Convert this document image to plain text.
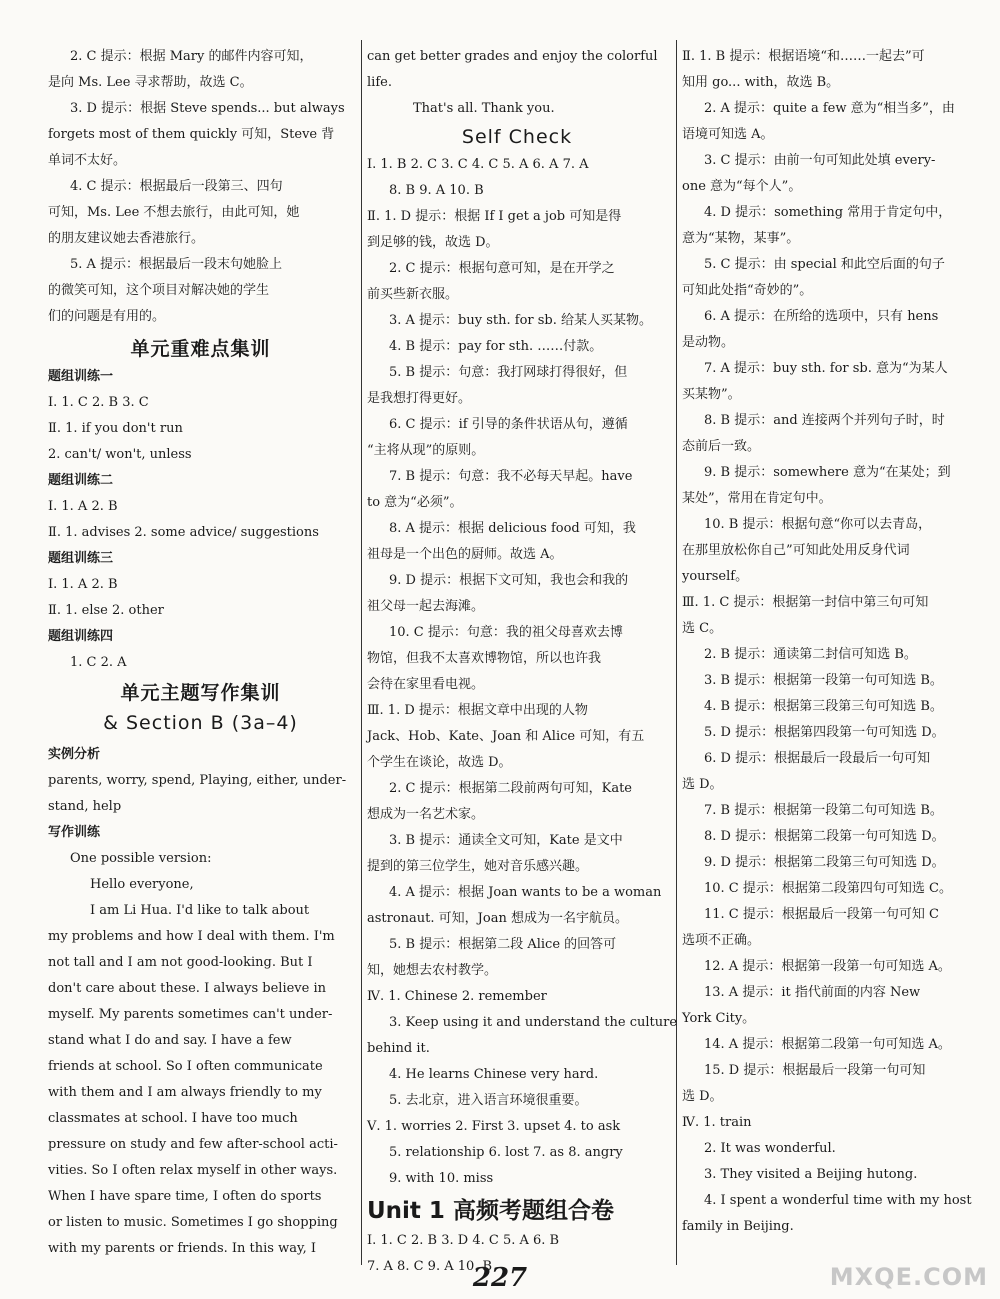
2. C 提示：根据 Mary 的邮件内容可知，
是向 Ms. Lee 寻求帮助，故选 C。
3. D 提示：根据 Steve spends... but always
forgets most of them quickly 可知，Steve 背
单词不太好。
4. C 提示：根据最后一段第三、四句
可知，Ms. Lee 不想去旅行，由此可知，她
的朋友建议她去香港旅行。
5. A 提示：根据最后一段末句她脸上
的微笑可知，这个项目对解决她的学生
们的问题是有用的。
单元重难点集训
题组训练一
Ⅰ. 1. C 2. B 3. C
Ⅱ. 1. if you don't run
2. can't/ won't, unless
题组训练二
Ⅰ. 1. A 2. B
Ⅱ. 1. advises 2. some advice/ suggestions
题组训练三
Ⅰ. 1. A 2. B
Ⅱ. 1. else 2. other
题组训练四
1. C 2. A
单元主题写作集训
& Section B (3a–4)
实例分析
parents, worry, spend, Playing, either, under-
stand, help
写作训练
One possible version:
Hello everyone,
I am Li Hua. I'd like to talk about
my problems and how I deal with them. I'm
not tall and I am not good-looking. But I
don't care about these. I always believe in
myself. My parents sometimes can't under-
stand what I do and say. I have a few
friends at school. So I often communicate
with them and I am always friendly to my
classmates at school. I have too much
pressure on study and few after-school acti-
vities. So I often relax myself in other ways.
When I have spare time, I often do sports
or listen to music. Sometimes I go shopping
with my parents or friends. In this way, I
can get better grades and enjoy the colorful
life.
That's all. Thank you.
Self Check
Ⅰ. 1. B 2. C 3. C 4. C 5. A 6. A 7. A
8. B 9. A 10. B
Ⅱ. 1. D 提示：根据 If I get a job 可知是得
到足够的钱，故选 D。
2. C 提示：根据句意可知，是在开学之
前买些新衣服。
3. A 提示：buy sth. for sb. 给某人买某物。
4. B 提示：pay for sth. ……付款。
5. B 提示：句意：我打网球打得很好，但
是我想打得更好。
6. C 提示：if 引导的条件状语从句，遵循
“主将从现”的原则。
7. B 提示：句意：我不必每天早起。have
to 意为“必须”。
8. A 提示：根据 delicious food 可知，我
祖母是一个出色的厨师。故选 A。
9. D 提示：根据下文可知，我也会和我的
祖父母一起去海滩。
10. C 提示：句意：我的祖父母喜欢去博
物馆，但我不太喜欢博物馆，所以也许我
会待在家里看电视。
Ⅲ. 1. D 提示：根据文章中出现的人物
Jack、Hob、Kate、Joan 和 Alice 可知，有五
个学生在谈论，故选 D。
2. C 提示：根据第二段前两句可知，Kate
想成为一名艺术家。
3. B 提示：通读全文可知，Kate 是文中
提到的第三位学生，她对音乐感兴趣。
4. A 提示：根据 Joan wants to be a woman
astronaut. 可知，Joan 想成为一名宇航员。
5. B 提示：根据第二段 Alice 的回答可
知，她想去农村教学。
Ⅳ. 1. Chinese 2. remember
3. Keep using it and understand the culture
behind it.
4. He learns Chinese very hard.
5. 去北京，进入语言环境很重要。
Ⅴ. 1. worries 2. First 3. upset 4. to ask
5. relationship 6. lost 7. as 8. angry
9. with 10. miss
Unit 1 高频考题组合卷
Ⅰ. 1. C 2. B 3. D 4. C 5. A 6. B
7. A 8. C 9. A 10. B
Ⅱ. 1. B 提示：根据语境“和……一起去”可
知用 go... with，故选 B。
2. A 提示：quite a few 意为“相当多”，由
语境可知选 A。
3. C 提示：由前一句可知此处填 every-
one 意为“每个人”。
4. D 提示：something 常用于肯定句中，
意为“某物，某事”。
5. C 提示：由 special 和此空后面的句子
可知此处指“奇妙的”。
6. A 提示：在所给的选项中，只有 hens
是动物。
7. A 提示：buy sth. for sb. 意为“为某人
买某物”。
8. B 提示：and 连接两个并列句子时，时
态前后一致。
9. B 提示：somewhere 意为“在某处；到
某处”，常用在肯定句中。
10. B 提示：根据句意“你可以去青岛，
在那里放松你自己”可知此处用反身代词
yourself。
Ⅲ. 1. C 提示：根据第一封信中第三句可知
选 C。
2. B 提示：通读第二封信可知选 B。
3. B 提示：根据第一段第一句可知选 B。
4. B 提示：根据第三段第三句可知选 B。
5. D 提示：根据第四段第一句可知选 D。
6. D 提示：根据最后一段最后一句可知
选 D。
7. B 提示：根据第一段第二句可知选 B。
8. D 提示：根据第二段第一句可知选 D。
9. D 提示：根据第二段第三句可知选 D。
10. C 提示：根据第二段第四句可知选 C。
11. C 提示：根据最后一段第一句可知 C
选项不正确。
12. A 提示：根据第一段第一句可知选 A。
13. A 提示：it 指代前面的内容 New
York City。
14. A 提示：根据第二段第一句可知选 A。
15. D 提示：根据最后一段第一句可知
选 D。
Ⅳ. 1. train
2. It was wonderful.
3. They visited a Beijing hutong.
4. I spent a wonderful time with my host
family in Beijing.
227	MXQE.COM
